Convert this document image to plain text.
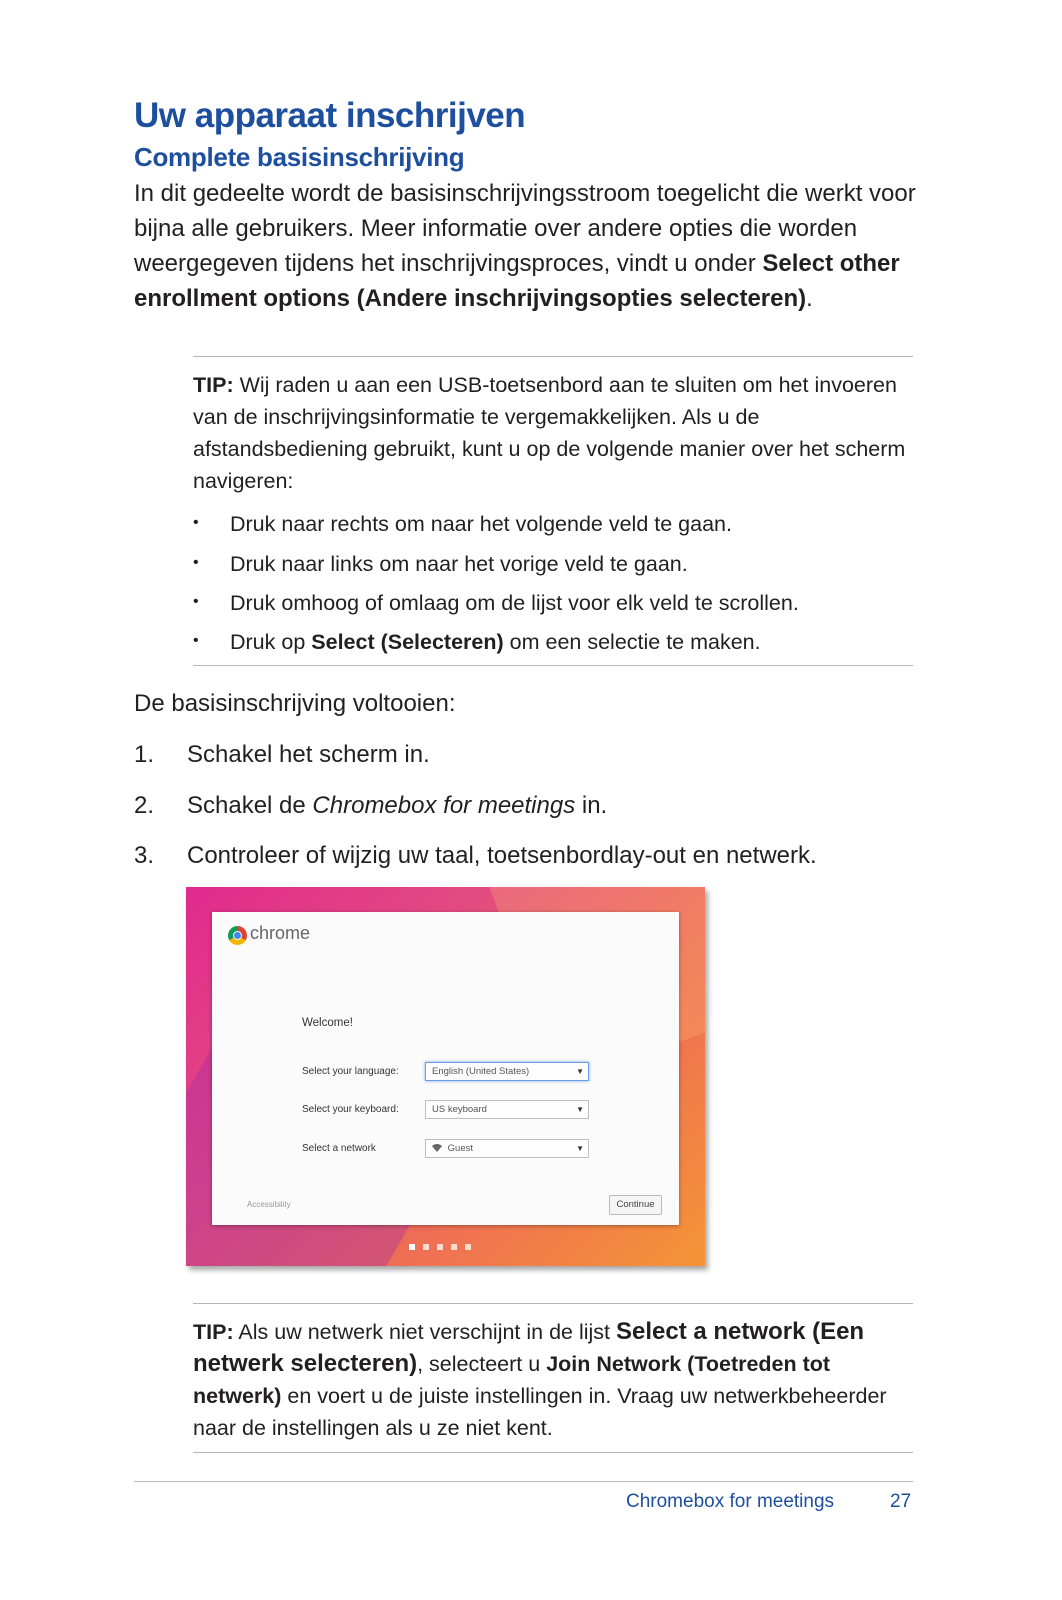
Uw apparaat inschrijven
Complete basisinschrijving
In dit gedeelte wordt de basisinschrijvingsstroom toegelicht die werkt voor bijna alle gebruikers. Meer informatie over andere opties die worden weergegeven tijdens het inschrijvingsproces, vindt u onder Select other enrollment options (Andere inschrijvingsopties selecteren).
TIP: Wij raden u aan een USB-toetsenbord aan te sluiten om het invoeren van de inschrijvingsinformatie te vergemakkelijken. Als u de afstandsbediening gebruikt, kunt u op de volgende manier over het scherm navigeren:
• Druk naar rechts om naar het volgende veld te gaan.
• Druk naar links om naar het vorige veld te gaan.
• Druk omhoog of omlaag om de lijst voor elk veld te scrollen.
• Druk op Select (Selecteren) om een selectie te maken.
De basisinschrijving voltooien:
1. Schakel het scherm in.
2. Schakel de Chromebox for meetings in.
3. Controleer of wijzig uw taal, toetsenbordlay-out en netwerk.
chrome
Welcome!
Select your language:	English (United States)	▼
Select your keyboard:	US keyboard	▼
Select a network	Guest	▼
Accessibility	Continue
TIP: Als uw netwerk niet verschijnt in de lijst Select a network (Een netwerk selecteren), selecteert u Join Network (Toetreden tot netwerk) en voert u de juiste instellingen in. Vraag uw netwerkbeheerder naar de instellingen als u ze niet kent.
Chromebox for meetings	27
